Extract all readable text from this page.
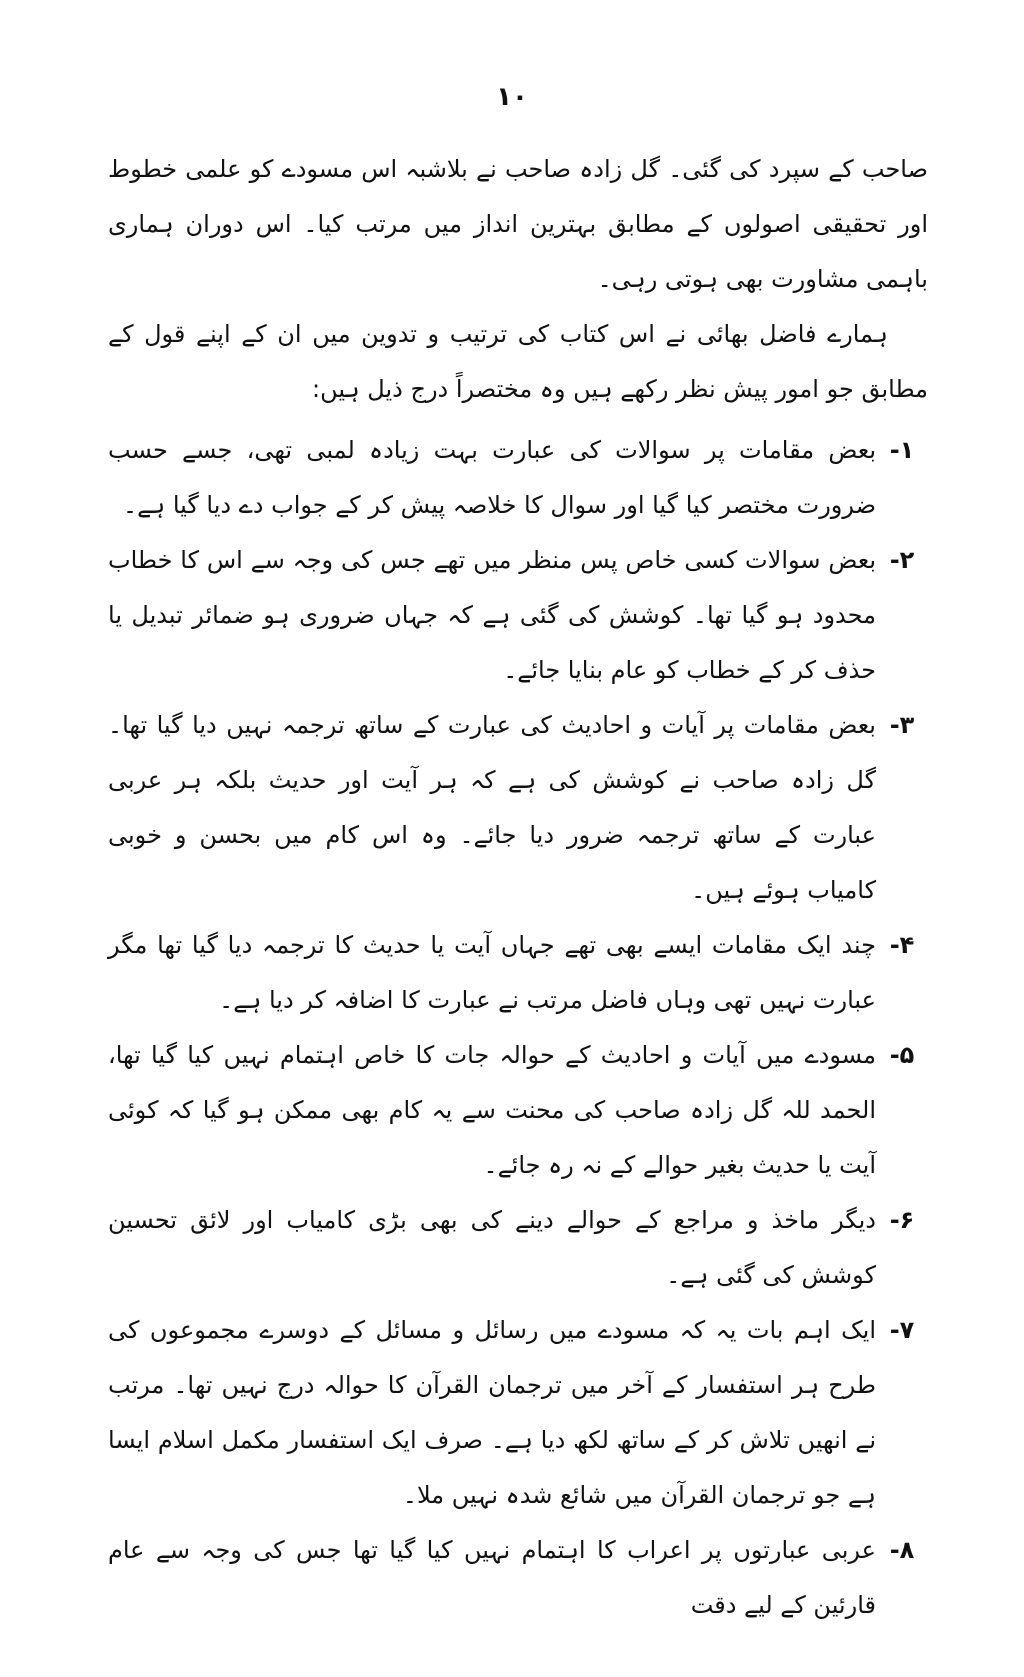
۱۰

صاحب کے سپرد کی گئی۔ گل زادہ صاحب نے بلاشبہ اس مسودے کو علمی خطوط اور تحقیقی اصولوں کے مطابق بہترین انداز میں مرتب کیا۔ اس دوران ہماری باہمی مشاورت بھی ہوتی رہی۔

ہمارے فاضل بھائی نے اس کتاب کی ترتیب و تدوین میں ان کے اپنے قول کے مطابق جو امور پیش نظر رکھے ہیں وہ مختصراً درج ذیل ہیں:

۱-
بعض مقامات پر سوالات کی عبارت بہت زیادہ لمبی تھی، جسے حسب ضرورت مختصر کیا گیا اور سوال کا خلاصہ پیش کر کے جواب دے دیا گیا ہے۔
۲-
بعض سوالات کسی خاص پس منظر میں تھے جس کی وجہ سے اس کا خطاب محدود ہو گیا تھا۔ کوشش کی گئی ہے کہ جہاں ضروری ہو ضمائر تبدیل یا حذف کر کے خطاب کو عام بنایا جائے۔
۳-
بعض مقامات پر آیات و احادیث کی عبارت کے ساتھ ترجمہ نہیں دیا گیا تھا۔ گل زادہ صاحب نے کوشش کی ہے کہ ہر آیت اور حدیث بلکہ ہر عربی عبارت کے ساتھ ترجمہ ضرور دیا جائے۔ وہ اس کام میں بحسن و خوبی کامیاب ہوئے ہیں۔
۴-
چند ایک مقامات ایسے بھی تھے جہاں آیت یا حدیث کا ترجمہ دیا گیا تھا مگر عبارت نہیں تھی وہاں فاضل مرتب نے عبارت کا اضافہ کر دیا ہے۔
۵-
مسودے میں آیات و احادیث کے حوالہ جات کا خاص اہتمام نہیں کیا گیا تھا، الحمد للہ گل زادہ صاحب کی محنت سے یہ کام بھی ممکن ہو گیا کہ کوئی آیت یا حدیث بغیر حوالے کے نہ رہ جائے۔
۶-
دیگر ماخذ و مراجع کے حوالے دینے کی بھی بڑی کامیاب اور لائق تحسین کوشش کی گئی ہے۔
۷-
ایک اہم بات یہ کہ مسودے میں رسائل و مسائل کے دوسرے مجموعوں کی طرح ہر استفسار کے آخر میں ترجمان القرآن کا حوالہ درج نہیں تھا۔ مرتب نے انھیں تلاش کر کے ساتھ لکھ دیا ہے۔ صرف ایک استفسار مکمل اسلام ایسا ہے جو ترجمان القرآن میں شائع شدہ نہیں ملا۔
۸-
عربی عبارتوں پر اعراب کا اہتمام نہیں کیا گیا تھا جس کی وجہ سے عام قارئین کے لیے دقت
